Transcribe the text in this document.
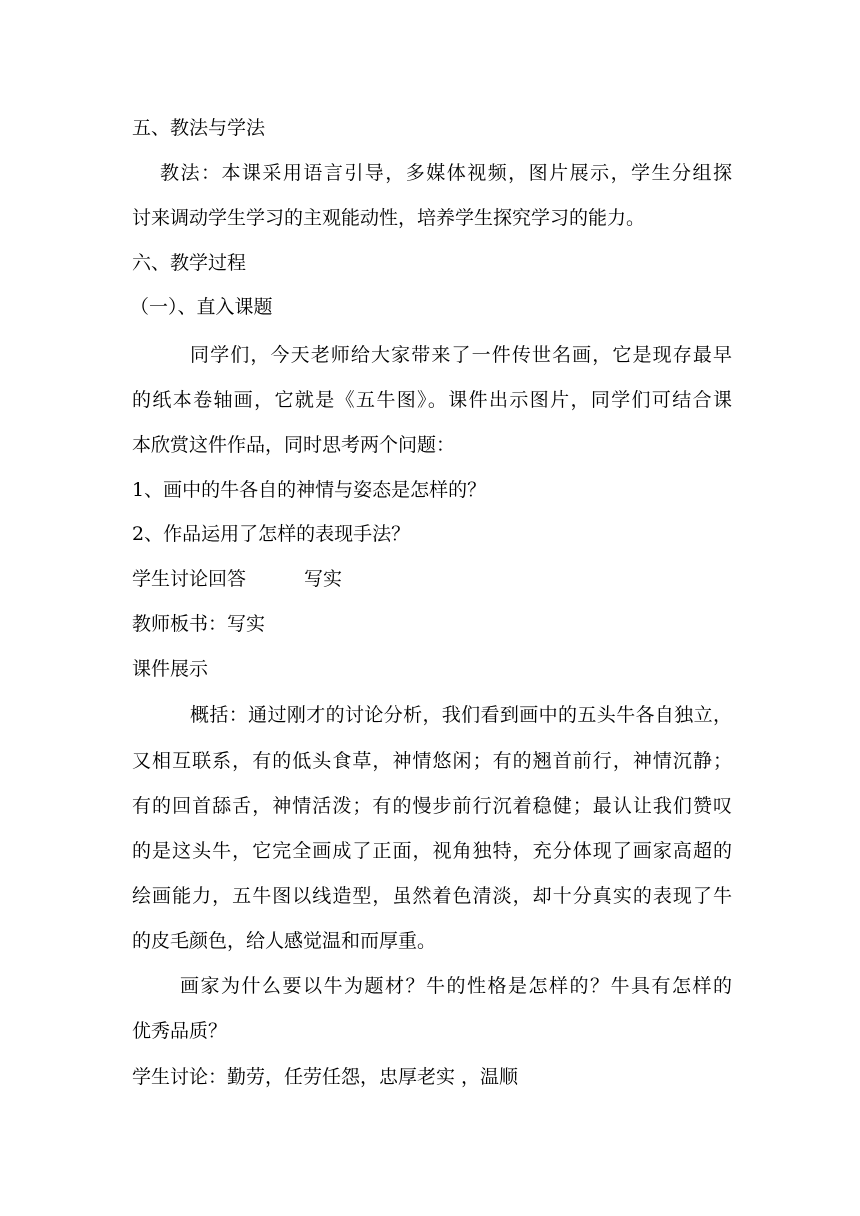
五、教法与学法
教法：本课采用语言引导，多媒体视频，图片展示，学生分组探
讨来调动学生学习的主观能动性，培养学生探究学习的能力。
六、教学过程
（一）、直入课题
同学们，今天老师给大家带来了一件传世名画，它是现存最早
的纸本卷轴画，它就是《五牛图》。课件出示图片，同学们可结合课
本欣赏这件作品，同时思考两个问题：
1、画中的牛各自的神情与姿态是怎样的？
2、作品运用了怎样的表现手法？
学生讨论回答	写实
教师板书：写实
课件展示
概括：通过刚才的讨论分析，我们看到画中的五头牛各自独立，
又相互联系，有的低头食草，神情悠闲；有的翘首前行，神情沉静；
有的回首舔舌，神情活泼；有的慢步前行沉着稳健；最认让我们赞叹
的是这头牛，它完全画成了正面，视角独特，充分体现了画家高超的
绘画能力，五牛图以线造型，虽然着色清淡，却十分真实的表现了牛
的皮毛颜色，给人感觉温和而厚重。
画家为什么要以牛为题材？牛的性格是怎样的？牛具有怎样的
优秀品质？
学生讨论：勤劳，任劳任怨，忠厚老实 ，温顺
